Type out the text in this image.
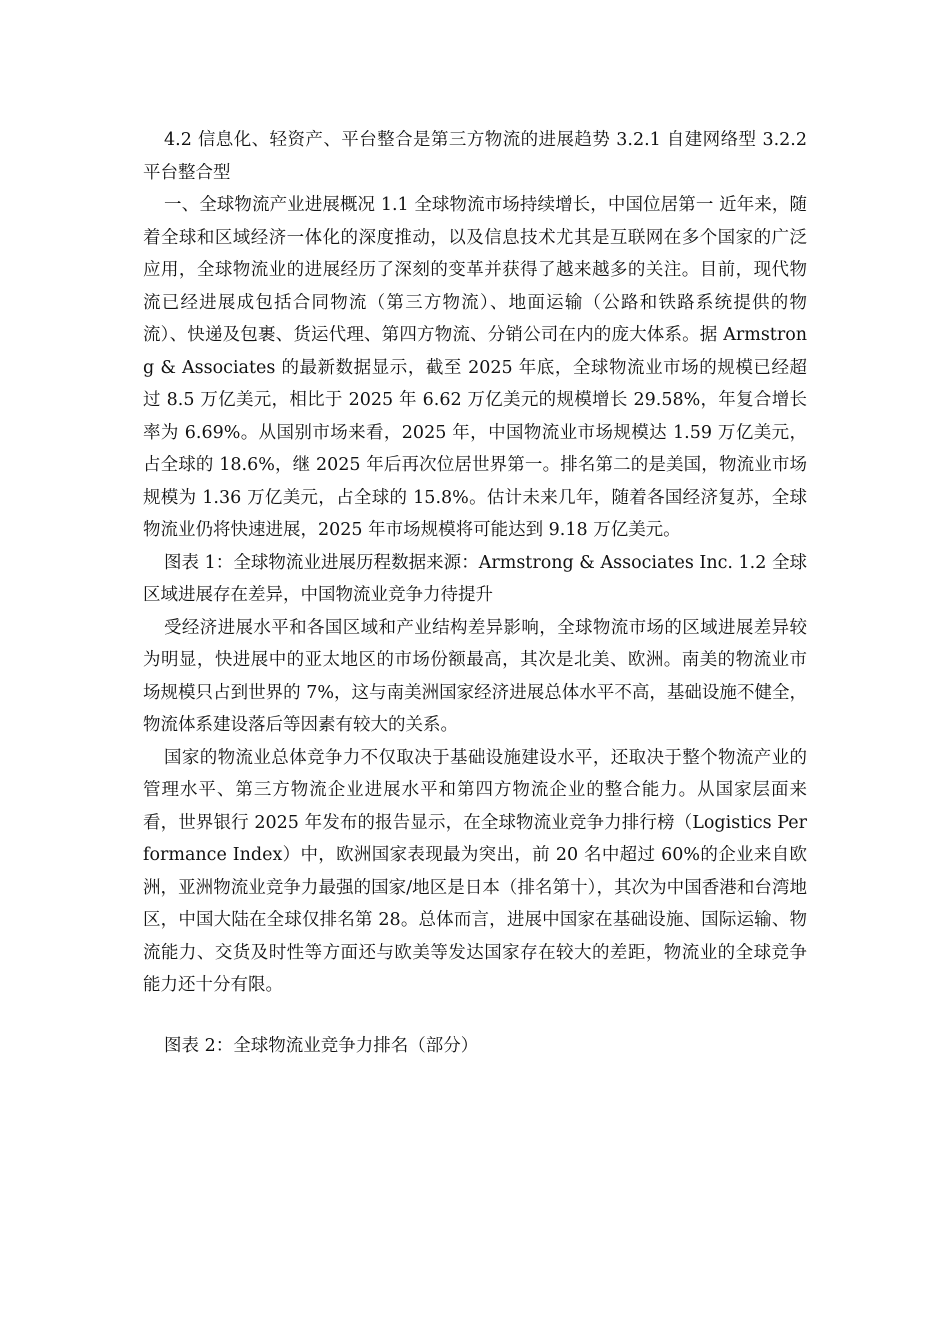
4.2 信息化、轻资产、平台整合是第三方物流的进展趋势 3.2.1 自建网络型 3.2.2 平台整合型

一、全球物流产业进展概况 1.1 全球物流市场持续增长，中国位居第一 近年来，随着全球和区域经济一体化的深度推动，以及信息技术尤其是互联网在多个国家的广泛应用，全球物流业的进展经历了深刻的变革并获得了越来越多的关注。目前，现代物流已经进展成包括合同物流（第三方物流）、地面运输（公路和铁路系统提供的物流）、快递及包裹、货运代理、第四方物流、分销公司在内的庞大体系。据 Armstrong & Associates 的最新数据显示，截至 2025 年底，全球物流业市场的规模已经超过 8.5 万亿美元，相比于 2025 年 6.62 万亿美元的规模增长 29.58%，年复合增长率为 6.69%。从国别市场来看，2025 年，中国物流业市场规模达 1.59 万亿美元，占全球的 18.6%，继 2025 年后再次位居世界第一。排名第二的是美国，物流业市场规模为 1.36 万亿美元，占全球的 15.8%。估计未来几年，随着各国经济复苏，全球物流业仍将快速进展，2025 年市场规模将可能达到 9.18 万亿美元。

图表 1：全球物流业进展历程数据来源：Armstrong & Associates Inc. 1.2 全球区域进展存在差异，中国物流业竞争力待提升

受经济进展水平和各国区域和产业结构差异影响，全球物流市场的区域进展差异较为明显，快进展中的亚太地区的市场份额最高，其次是北美、欧洲。南美的物流业市场规模只占到世界的 7%，这与南美洲国家经济进展总体水平不高，基础设施不健全，物流体系建设落后等因素有较大的关系。

国家的物流业总体竞争力不仅取决于基础设施建设水平，还取决于整个物流产业的管理水平、第三方物流企业进展水平和第四方物流企业的整合能力。从国家层面来看，世界银行 2025 年发布的报告显示，在全球物流业竞争力排行榜（Logistics Performance Index）中，欧洲国家表现最为突出，前 20 名中超过 60%的企业来自欧洲，亚洲物流业竞争力最强的国家/地区是日本（排名第十），其次为中国香港和台湾地区，中国大陆在全球仅排名第 28。总体而言，进展中国家在基础设施、国际运输、物流能力、交货及时性等方面还与欧美等发达国家存在较大的差距，物流业的全球竞争能力还十分有限。

图表 2：全球物流业竞争力排名（部分）
